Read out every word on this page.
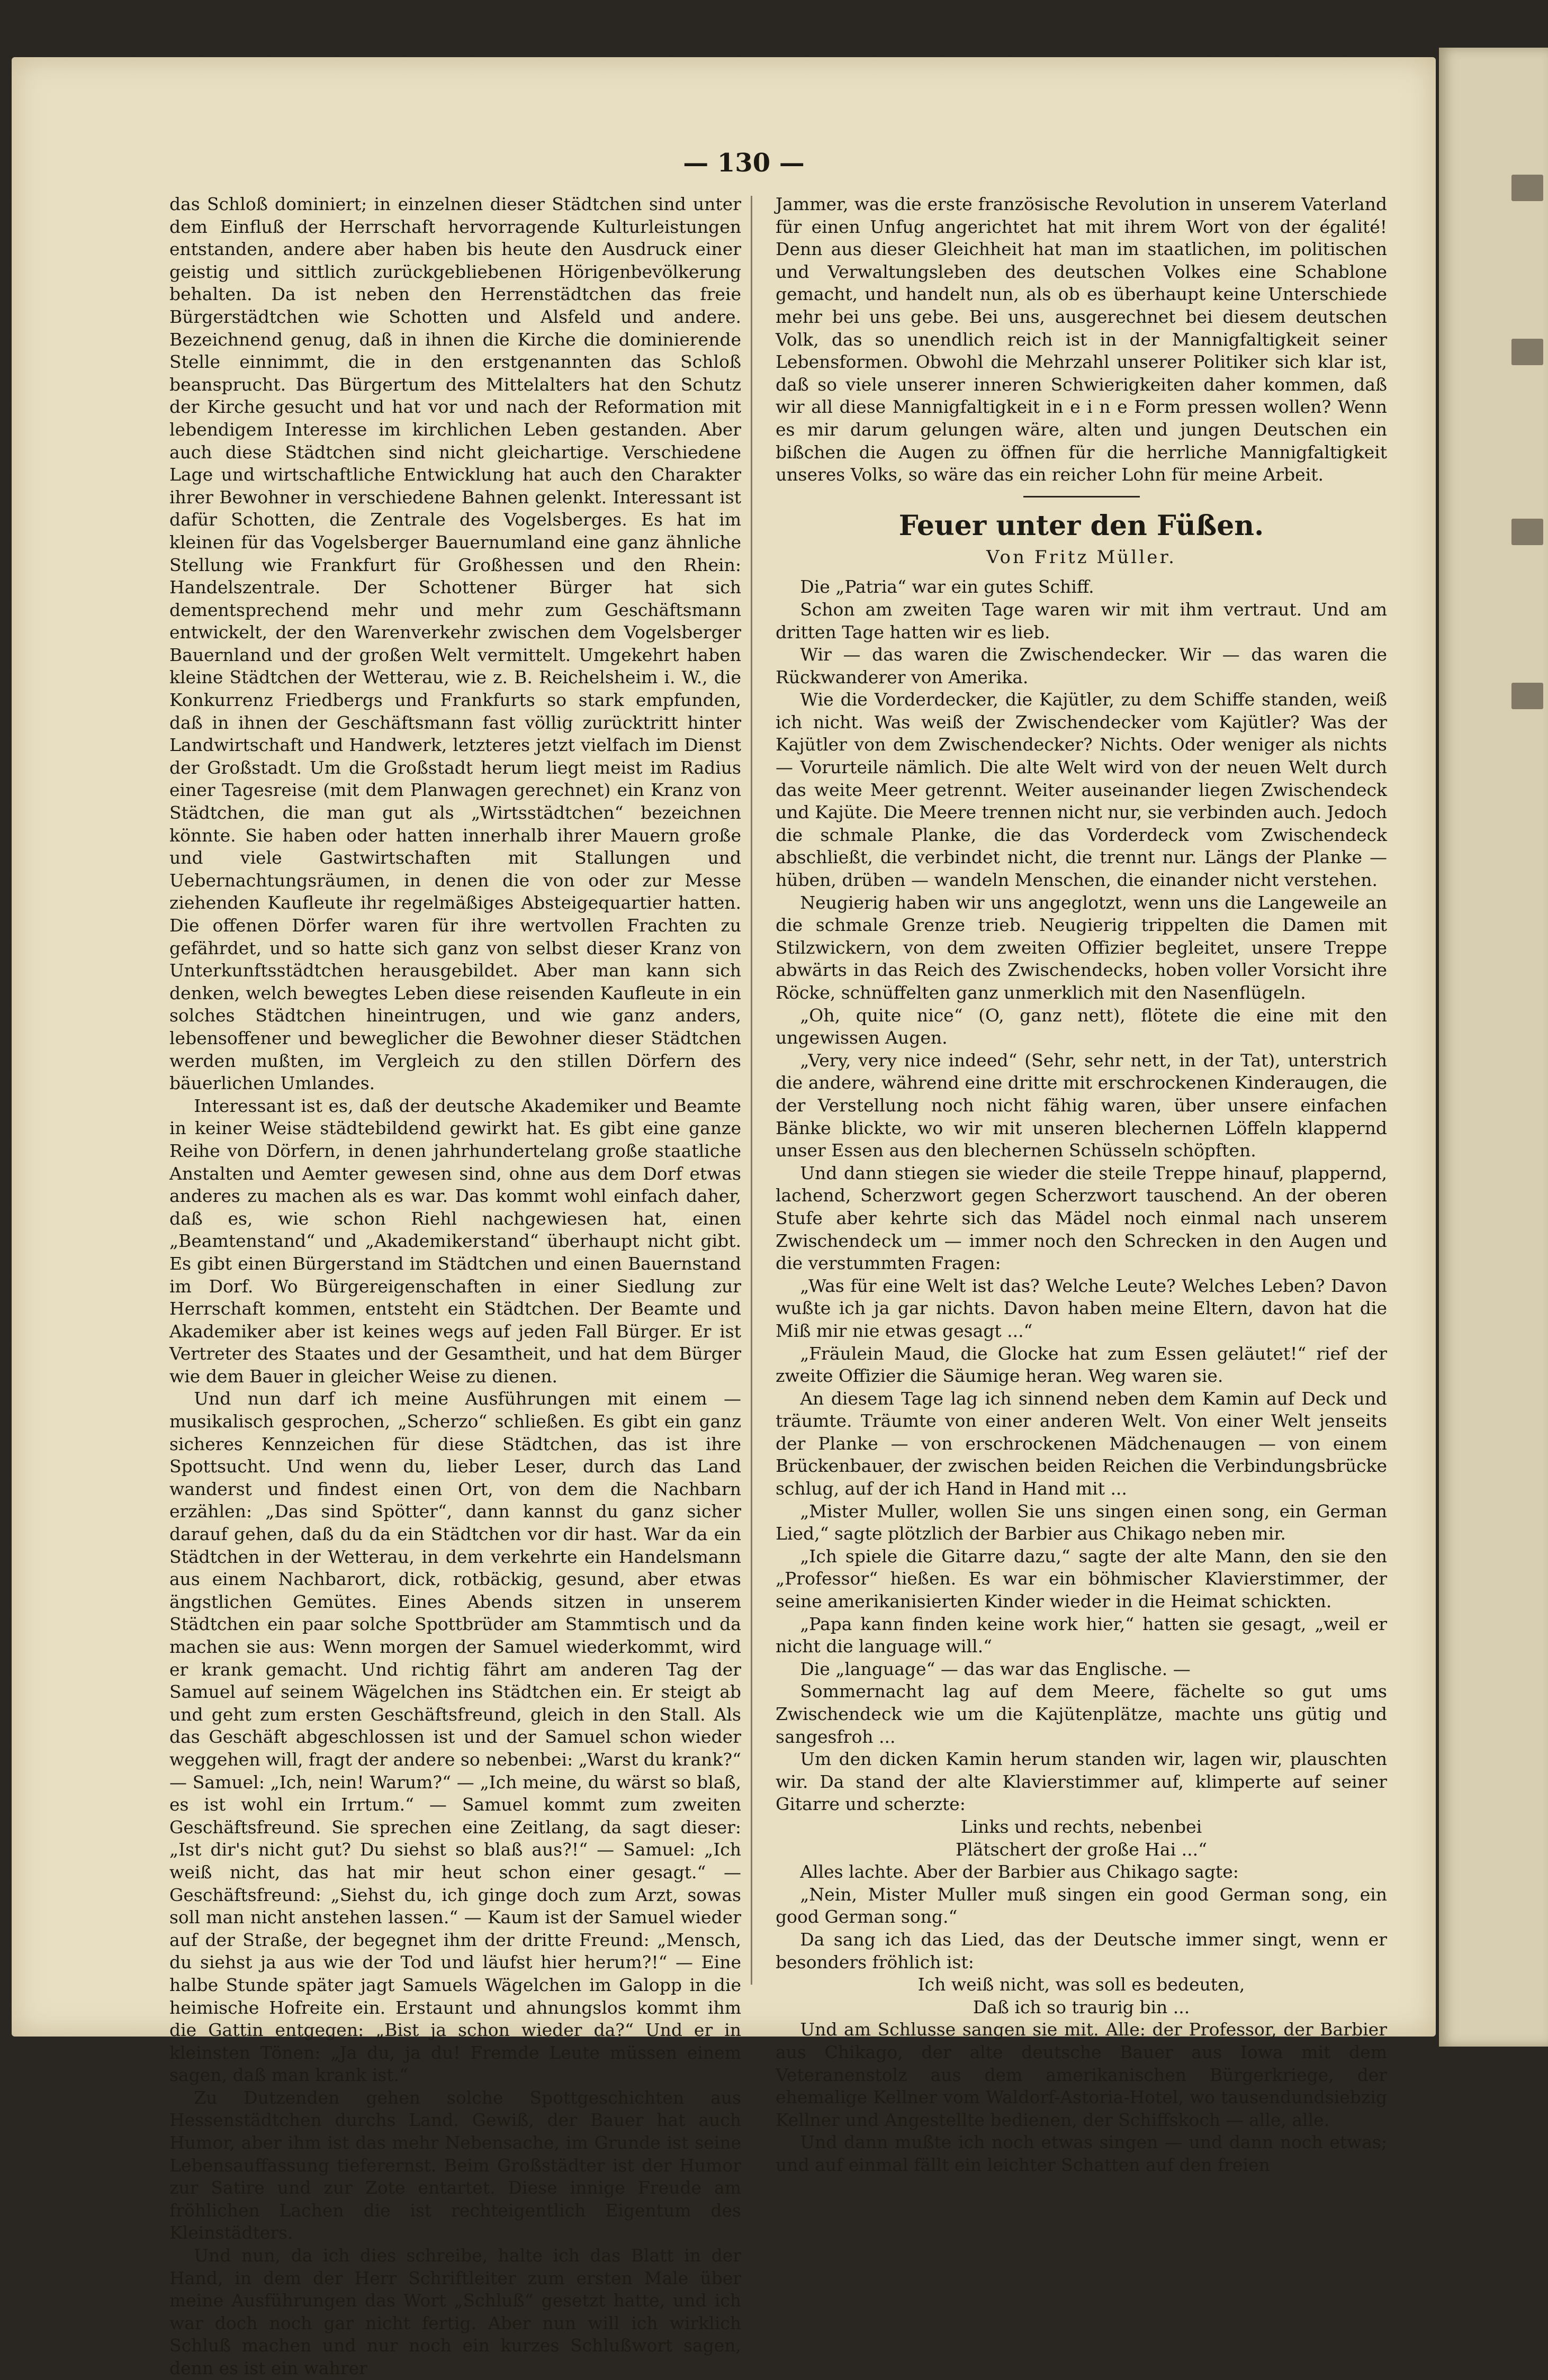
— 130 —

das Schloß dominiert; in einzelnen dieser Städtchen sind unter dem Einfluß der Herrschaft hervorragende Kulturleistungen entstanden, andere aber haben bis heute den Ausdruck einer geistig und sittlich zurückgebliebenen Hörigenbevölkerung behalten. Da ist neben den Herrenstädtchen das freie Bürgerstädtchen wie Schotten und Alsfeld und andere. Bezeichnend genug, daß in ihnen die Kirche die dominierende Stelle einnimmt, die in den erstgenannten das Schloß beansprucht. Das Bürgertum des Mittelalters hat den Schutz der Kirche gesucht und hat vor und nach der Reformation mit lebendigem Interesse im kirchlichen Leben gestanden. Aber auch diese Städtchen sind nicht gleichartige. Verschiedene Lage und wirtschaftliche Entwicklung hat auch den Charakter ihrer Bewohner in verschiedene Bahnen gelenkt. Interessant ist dafür Schotten, die Zentrale des Vogelsberges. Es hat im kleinen für das Vogelsberger Bauernumland eine ganz ähnliche Stellung wie Frankfurt für Großhessen und den Rhein: Handelszentrale. Der Schottener Bürger hat sich dementsprechend mehr und mehr zum Geschäftsmann entwickelt, der den Warenverkehr zwischen dem Vogelsberger Bauernland und der großen Welt vermittelt. Umgekehrt haben kleine Städtchen der Wetterau, wie z. B. Reichelsheim i. W., die Konkurrenz Friedbergs und Frankfurts so stark empfunden, daß in ihnen der Geschäftsmann fast völlig zurücktritt hinter Landwirtschaft und Handwerk, letzteres jetzt vielfach im Dienst der Großstadt. Um die Großstadt herum liegt meist im Radius einer Tagesreise (mit dem Planwagen gerechnet) ein Kranz von Städtchen, die man gut als „Wirtsstädtchen“ bezeichnen könnte. Sie haben oder hatten innerhalb ihrer Mauern große und viele Gastwirtschaften mit Stallungen und Uebernachtungsräumen, in denen die von oder zur Messe ziehenden Kaufleute ihr regelmäßiges Absteigequartier hatten. Die offenen Dörfer waren für ihre wertvollen Frachten zu gefährdet, und so hatte sich ganz von selbst dieser Kranz von Unterkunftsstädtchen herausgebildet. Aber man kann sich denken, welch bewegtes Leben diese reisenden Kaufleute in ein solches Städtchen hineintrugen, und wie ganz anders, lebensoffener und beweglicher die Bewohner dieser Städtchen werden mußten, im Vergleich zu den stillen Dörfern des bäuerlichen Umlandes.

Interessant ist es, daß der deutsche Akademiker und Beamte in keiner Weise städtebildend gewirkt hat. Es gibt eine ganze Reihe von Dörfern, in denen jahrhundertelang große staatliche Anstalten und Aemter gewesen sind, ohne aus dem Dorf etwas anderes zu machen als es war. Das kommt wohl einfach daher, daß es, wie schon Riehl nachgewiesen hat, einen „Beamtenstand“ und „Akademikerstand“ überhaupt nicht gibt. Es gibt einen Bürgerstand im Städtchen und einen Bauernstand im Dorf. Wo Bürgereigenschaften in einer Siedlung zur Herrschaft kommen, entsteht ein Städtchen. Der Beamte und Akademiker aber ist keines wegs auf jeden Fall Bürger. Er ist Vertreter des Staates und der Gesamtheit, und hat dem Bürger wie dem Bauer in gleicher Weise zu dienen.

Und nun darf ich meine Ausführungen mit einem — musikalisch gesprochen, „Scherzo“ schließen. Es gibt ein ganz sicheres Kennzeichen für diese Städtchen, das ist ihre Spottsucht. Und wenn du, lieber Leser, durch das Land wanderst und findest einen Ort, von dem die Nachbarn erzählen: „Das sind Spötter“, dann kannst du ganz sicher darauf gehen, daß du da ein Städtchen vor dir hast. War da ein Städtchen in der Wetterau, in dem verkehrte ein Handelsmann aus einem Nachbarort, dick, rotbäckig, gesund, aber etwas ängstlichen Gemütes. Eines Abends sitzen in unserem Städtchen ein paar solche Spottbrüder am Stammtisch und da machen sie aus: Wenn morgen der Samuel wiederkommt, wird er krank gemacht. Und richtig fährt am anderen Tag der Samuel auf seinem Wägelchen ins Städtchen ein. Er steigt ab und geht zum ersten Geschäftsfreund, gleich in den Stall. Als das Geschäft abgeschlossen ist und der Samuel schon wieder weggehen will, fragt der andere so nebenbei: „Warst du krank?“ — Samuel: „Ich, nein! Warum?“ — „Ich meine, du wärst so blaß, es ist wohl ein Irrtum.“ — Samuel kommt zum zweiten Geschäftsfreund. Sie sprechen eine Zeitlang, da sagt dieser: „Ist dir's nicht gut? Du siehst so blaß aus?!“ — Samuel: „Ich weiß nicht, das hat mir heut schon einer gesagt.“ — Geschäftsfreund: „Siehst du, ich ginge doch zum Arzt, sowas soll man nicht anstehen lassen.“ — Kaum ist der Samuel wieder auf der Straße, der begegnet ihm der dritte Freund: „Mensch, du siehst ja aus wie der Tod und läufst hier herum?!“ — Eine halbe Stunde später jagt Samuels Wägelchen im Galopp in die heimische Hofreite ein. Erstaunt und ahnungslos kommt ihm die Gattin entgegen: „Bist ja schon wieder da?“ Und er in kleinsten Tönen: „Ja du, ja du! Fremde Leute müssen einem sagen, daß man krank ist.“

Zu Dutzenden gehen solche Spottgeschichten aus Hessenstädtchen durchs Land. Gewiß, der Bauer hat auch Humor, aber ihm ist das mehr Nebensache, im Grunde ist seine Lebensauffassung tieferernst. Beim Großstädter ist der Humor zur Satire und zur Zote entartet. Diese innige Freude am fröhlichen Lachen die ist rechteigentlich Eigentum des Kleinstädters.

Und nun, da ich dies schreibe, halte ich das Blatt in der Hand, in dem der Herr Schriftleiter zum ersten Male über meine Ausführungen das Wort „Schluß“ gesetzt hatte, und ich war doch noch gar nicht fertig. Aber nun will ich wirklich Schluß machen und nur noch ein kurzes Schlußwort sagen, denn es ist ein wahrer

Jammer, was die erste französische Revolution in unserem Vaterland für einen Unfug angerichtet hat mit ihrem Wort von der égalité! Denn aus dieser Gleichheit hat man im staatlichen, im politischen und Verwaltungsleben des deutschen Volkes eine Schablone gemacht, und handelt nun, als ob es überhaupt keine Unterschiede mehr bei uns gebe. Bei uns, ausgerechnet bei diesem deutschen Volk, das so unendlich reich ist in der Mannigfaltigkeit seiner Lebensformen. Obwohl die Mehrzahl unserer Politiker sich klar ist, daß so viele unserer inneren Schwierigkeiten daher kommen, daß wir all diese Mannigfaltigkeit in e i n e Form pressen wollen? Wenn es mir darum gelungen wäre, alten und jungen Deutschen ein bißchen die Augen zu öffnen für die herrliche Mannigfaltigkeit unseres Volks, so wäre das ein reicher Lohn für meine Arbeit.

Feuer unter den Füßen.
Von Fritz Müller.

Die „Patria“ war ein gutes Schiff.

Schon am zweiten Tage waren wir mit ihm vertraut. Und am dritten Tage hatten wir es lieb.

Wir — das waren die Zwischendecker. Wir — das waren die Rückwanderer von Amerika.

Wie die Vorderdecker, die Kajütler, zu dem Schiffe standen, weiß ich nicht. Was weiß der Zwischendecker vom Kajütler? Was der Kajütler von dem Zwischendecker? Nichts. Oder weniger als nichts — Vorurteile nämlich. Die alte Welt wird von der neuen Welt durch das weite Meer getrennt. Weiter auseinander liegen Zwischendeck und Kajüte. Die Meere trennen nicht nur, sie verbinden auch. Jedoch die schmale Planke, die das Vorderdeck vom Zwischendeck abschließt, die verbindet nicht, die trennt nur. Längs der Planke — hüben, drüben — wandeln Menschen, die einander nicht verstehen.

Neugierig haben wir uns angeglotzt, wenn uns die Langeweile an die schmale Grenze trieb. Neugierig trippelten die Damen mit Stilzwickern, von dem zweiten Offizier begleitet, unsere Treppe abwärts in das Reich des Zwischendecks, hoben voller Vorsicht ihre Röcke, schnüffelten ganz unmerklich mit den Nasenflügeln.

„Oh, quite nice“ (O, ganz nett), flötete die eine mit den ungewissen Augen.

„Very, very nice indeed“ (Sehr, sehr nett, in der Tat), unterstrich die andere, während eine dritte mit erschrockenen Kinderaugen, die der Verstellung noch nicht fähig waren, über unsere einfachen Bänke blickte, wo wir mit unseren blechernen Löffeln klappernd unser Essen aus den blechernen Schüsseln schöpften.

Und dann stiegen sie wieder die steile Treppe hinauf, plappernd, lachend, Scherzwort gegen Scherzwort tauschend. An der oberen Stufe aber kehrte sich das Mädel noch einmal nach unserem Zwischendeck um — immer noch den Schrecken in den Augen und die verstummten Fragen:

„Was für eine Welt ist das? Welche Leute? Welches Leben? Davon wußte ich ja gar nichts. Davon haben meine Eltern, davon hat die Miß mir nie etwas gesagt ...“

„Fräulein Maud, die Glocke hat zum Essen geläutet!“ rief der zweite Offizier die Säumige heran. Weg waren sie.

An diesem Tage lag ich sinnend neben dem Kamin auf Deck und träumte. Träumte von einer anderen Welt. Von einer Welt jenseits der Planke — von erschrockenen Mädchenaugen — von einem Brückenbauer, der zwischen beiden Reichen die Verbindungsbrücke schlug, auf der ich Hand in Hand mit ...

„Mister Muller, wollen Sie uns singen einen song, ein German Lied,“ sagte plötzlich der Barbier aus Chikago neben mir.

„Ich spiele die Gitarre dazu,“ sagte der alte Mann, den sie den „Professor“ hießen. Es war ein böhmischer Klavierstimmer, der seine amerikanisierten Kinder wieder in die Heimat schickten.

„Papa kann finden keine work hier,“ hatten sie gesagt, „weil er nicht die language will.“

Die „language“ — das war das Englische. —

Sommernacht lag auf dem Meere, fächelte so gut ums Zwischendeck wie um die Kajütenplätze, machte uns gütig und sangesfroh ...

Um den dicken Kamin herum standen wir, lagen wir, plauschten wir. Da stand der alte Klavierstimmer auf, klimperte auf seiner Gitarre und scherzte:

Links und rechts, nebenbei

Plätschert der große Hai ...“

Alles lachte. Aber der Barbier aus Chikago sagte:

„Nein, Mister Muller muß singen ein good German song, ein good German song.“

Da sang ich das Lied, das der Deutsche immer singt, wenn er besonders fröhlich ist:

Ich weiß nicht, was soll es bedeuten,

Daß ich so traurig bin ...

Und am Schlusse sangen sie mit. Alle: der Professor, der Barbier aus Chikago, der alte deutsche Bauer aus Iowa mit dem Veteranenstolz aus dem amerikanischen Bürgerkriege, der ehemalige Kellner vom Waldorf-Astoria-Hotel, wo tausendundsiebzig Kellner und Angestellte bedienen, der Schiffskoch — alle, alle.

Und dann mußte ich noch etwas singen — und dann noch etwas; und auf einmal fällt ein leichter Schatten auf den freien
